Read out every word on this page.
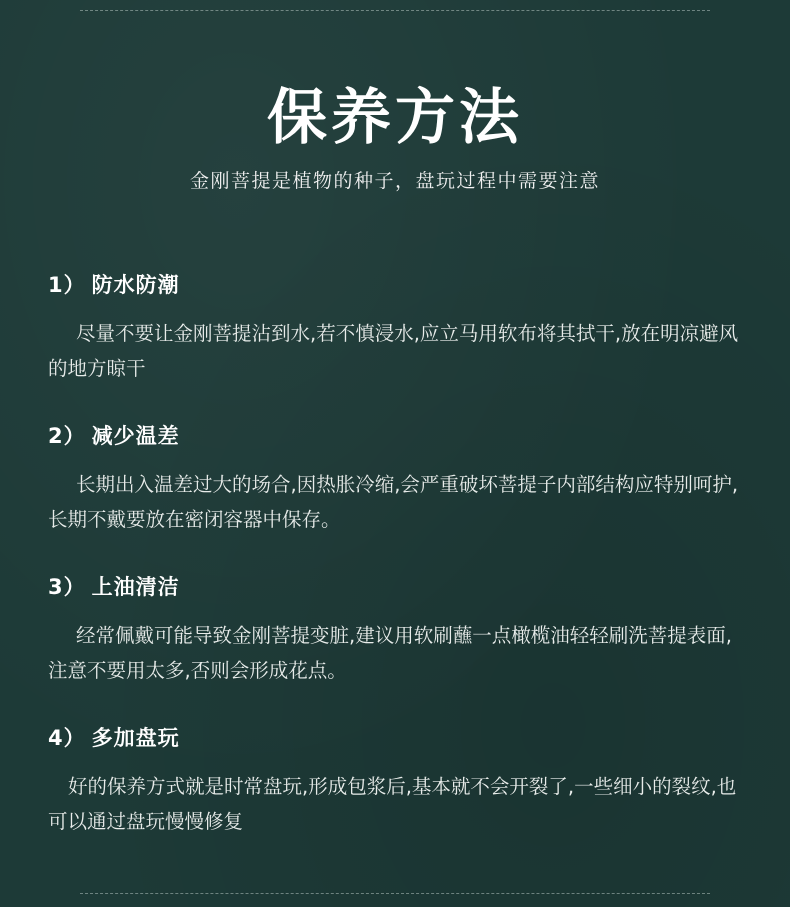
保养方法
金刚菩提是植物的种子，盘玩过程中需要注意
1） 防水防潮
尽量不要让金刚菩提沾到水,若不慎浸水,应立马用软布将其拭干,放在明凉避风的地方晾干
2） 减少温差
长期出入温差过大的场合,因热胀冷缩,会严重破坏菩提子内部结构应特别呵护,长期不戴要放在密闭容器中保存。
3） 上油清洁
经常佩戴可能导致金刚菩提变脏,建议用软刷蘸一点橄榄油轻轻刷洗菩提表面,注意不要用太多,否则会形成花点。
4） 多加盘玩
好的保养方式就是时常盘玩,形成包浆后,基本就不会开裂了,一些细小的裂纹,也可以通过盘玩慢慢修复
